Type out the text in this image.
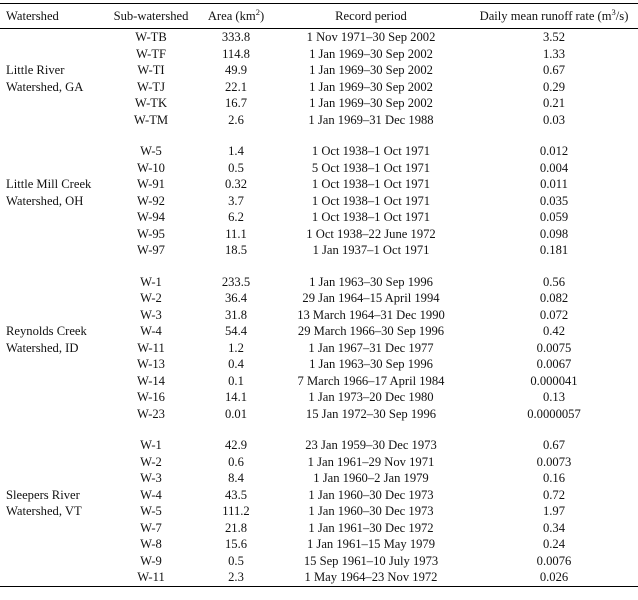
Watershed	Sub-watershed	Area $(km^2)$	Record period	Daily mean runoff rate $(m^3/s)$
	W-TB	333.8	1 Nov 1971–30 Sep 2002	3.52
	W-TF	114.8	1 Jan 1969–30 Sep 2002	1.33
Little River	W-TI	49.9	1 Jan 1969–30 Sep 2002	0.67
Watershed, GA	W-TJ	22.1	1 Jan 1969–30 Sep 2002	0.29
	W-TK	16.7	1 Jan 1969–30 Sep 2002	0.21
	W-TM	2.6	1 Jan 1969–31 Dec 1988	0.03

	W-5	1.4	1 Oct 1938–1 Oct 1971	0.012
	W-10	0.5	5 Oct 1938–1 Oct 1971	0.004
Little Mill Creek	W-91	0.32	1 Oct 1938–1 Oct 1971	0.011
Watershed, OH	W-92	3.7	1 Oct 1938–1 Oct 1971	0.035
	W-94	6.2	1 Oct 1938–1 Oct 1971	0.059
	W-95	11.1	1 Oct 1938–22 June 1972	0.098
	W-97	18.5	1 Jan 1937–1 Oct 1971	0.181

	W-1	233.5	1 Jan 1963–30 Sep 1996	0.56
	W-2	36.4	29 Jan 1964–15 April 1994	0.082
	W-3	31.8	13 March 1964–31 Dec 1990	0.072
Reynolds Creek	W-4	54.4	29 March 1966–30 Sep 1996	0.42
Watershed, ID	W-11	1.2	1 Jan 1967–31 Dec 1977	0.0075
	W-13	0.4	1 Jan 1963–30 Sep 1996	0.0067
	W-14	0.1	7 March 1966–17 April 1984	0.000041
	W-16	14.1	1 Jan 1973–20 Dec 1980	0.13
	W-23	0.01	15 Jan 1972–30 Sep 1996	0.0000057

	W-1	42.9	23 Jan 1959–30 Dec 1973	0.67
	W-2	0.6	1 Jan 1961–29 Nov 1971	0.0073
	W-3	8.4	1 Jan 1960–2 Jan 1979	0.16
Sleepers River	W-4	43.5	1 Jan 1960–30 Dec 1973	0.72
Watershed, VT	W-5	111.2	1 Jan 1960–30 Dec 1973	1.97
	W-7	21.8	1 Jan 1961–30 Dec 1972	0.34
	W-8	15.6	1 Jan 1961–15 May 1979	0.24
	W-9	0.5	15 Sep 1961–10 July 1973	0.0076
	W-11	2.3	1 May 1964–23 Nov 1972	0.026
